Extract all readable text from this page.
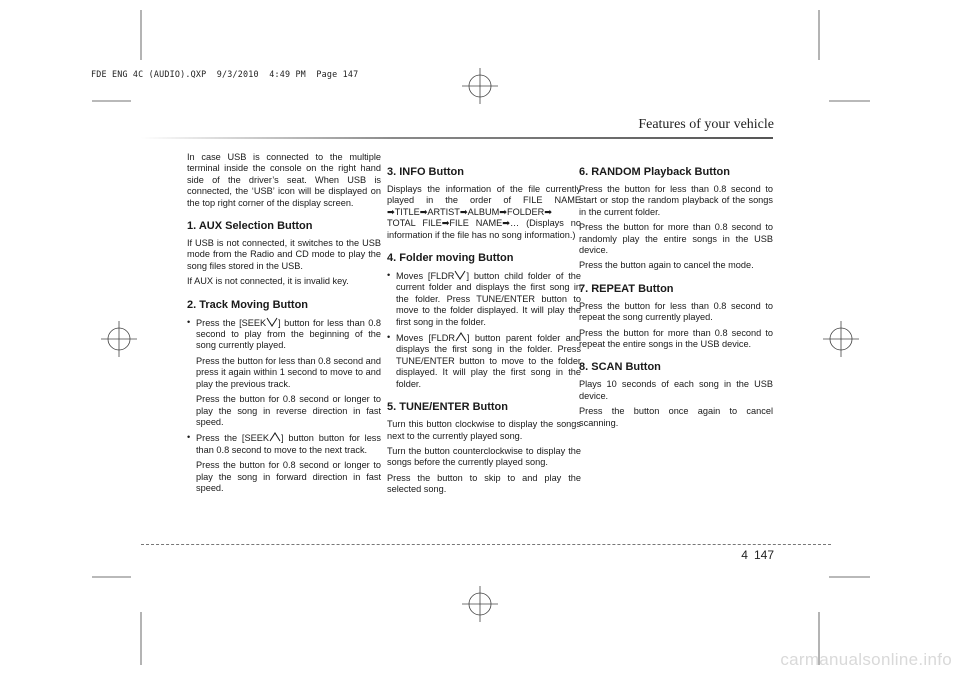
FDE ENG 4C (AUDIO).QXP  9/3/2010  4:49 PM  Page 147
Features of your vehicle

In case USB is connected to the multiple terminal inside the console on the right hand side of the driver’s seat. When USB is connected, the ‘USB’ icon will be displayed on the top right corner of the display screen.

1. AUX Selection Button

If USB is not connected, it switches to the USB mode from the Radio and CD mode to play the song files stored in the USB.

If AUX is not connected, it is invalid key.

2. Track Moving Button

• Press the [SEEK ] button for less than 0.8 second to play from the beginning of the song currently played.

Press the button for less than 0.8 second and press it again within 1 second to move to and play the previous track.

Press the button for 0.8 second or longer to play the song in reverse direction in fast speed.

• Press the [SEEK ] button button for less than 0.8 second to move to the next track.

Press the button for 0.8 second or longer to play the song in forward direction in fast speed.

3. INFO Button

Displays the information of the file currently played in the order of FILE NAME ➡TITLE➡ARTIST➡ALBUM➡FOLDER➡ TOTAL FILE➡FILE NAME➡… (Displays no information if the file has no song information.)

4. Folder moving Button

• Moves [FLDR ] button child folder of the current folder and displays the first song in the folder. Press TUNE/ENTER button to move to the folder displayed. It will play the first song in the folder.

• Moves [FLDR ] button parent folder and displays the first song in the folder. Press TUNE/ENTER button to move to the folder displayed. It will play the first song in the folder.

5. TUNE/ENTER Button

Turn this button clockwise to display the songs next to the currently played song.

Turn the button counterclockwise to display the songs before the currently played song.

Press the button to skip to and play the selected song.

6. RANDOM Playback Button

Press the button for less than 0.8 second to start or stop the random playback of the songs in the current folder.

Press the button for more than 0.8 second to randomly play the entire songs in the USB device.

Press the button again to cancel the mode.

7. REPEAT Button

Press the button for less than 0.8 second to repeat the song currently played.

Press the button for more than 0.8 second to repeat the entire songs in the USB device.

8. SCAN Button

Plays 10 seconds of each song in the USB device.

Press the button once again to cancel scanning.

4 147
carmanualsonline.info
